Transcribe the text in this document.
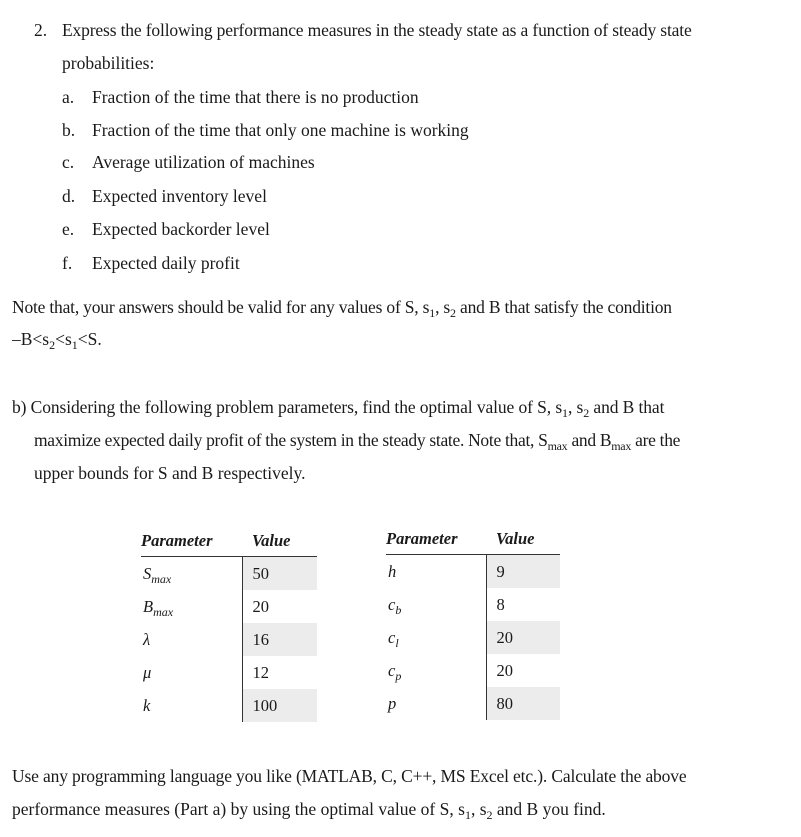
2. Express the following performance measures in the steady state as a function of steady state
probabilities:
a. Fraction of the time that there is no production
b. Fraction of the time that only one machine is working
c. Average utilization of machines
d. Expected inventory level
e. Expected backorder level
f. Expected daily profit
Note that, your answers should be valid for any values of S, $s_1$, $s_2$ and B that satisfy the condition
$-B<s_2<s_1<S$.
b) Considering the following problem parameters, find the optimal value of S, $s_1$, $s_2$ and B that
maximize expected daily profit of the system in the steady state. Note that, $S_{max}$ and $B_{max}$ are the
upper bounds for S and B respectively.
Parameter	Value
$S_{max}$	50
$B_{max}$	20
λ	16
μ	12
k	100
Parameter	Value
h	9
$c_b$	8
$c_l$	20
$c_p$	20
p	80
Use any programming language you like (MATLAB, C, C++, MS Excel etc.). Calculate the above
performance measures (Part a) by using the optimal value of S, $s_1$, $s_2$ and B you find.
